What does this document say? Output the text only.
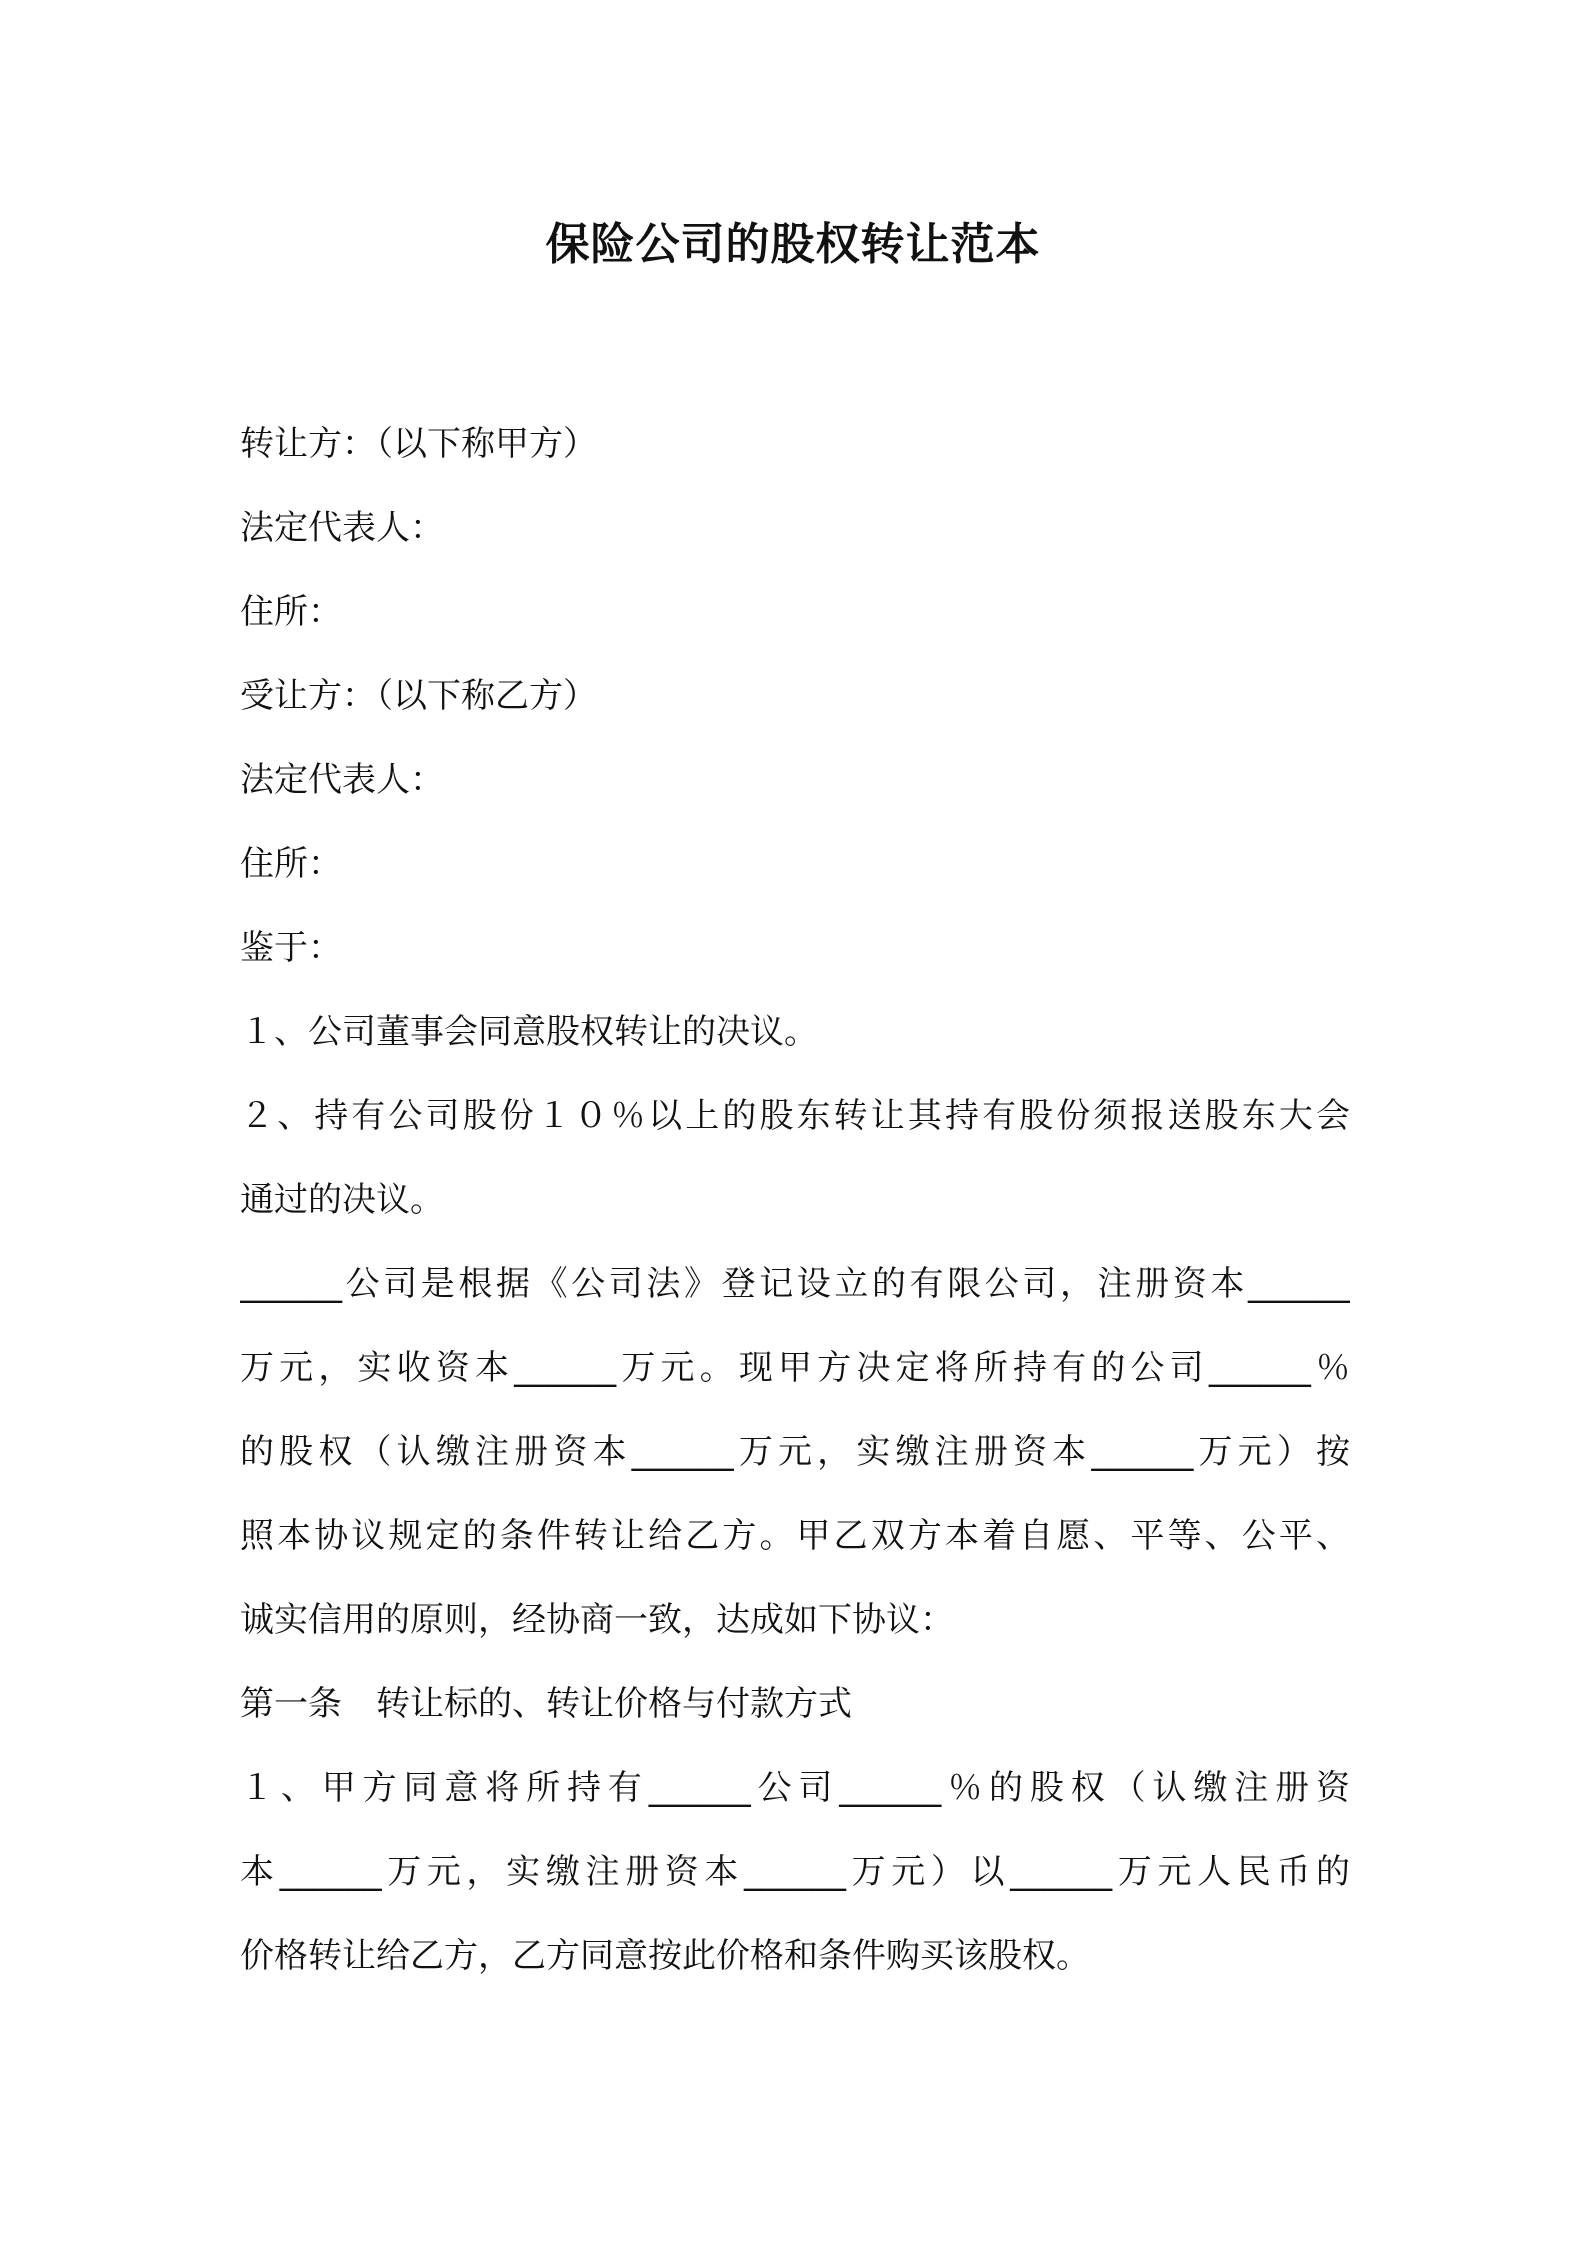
保险公司的股权转让范本
转让方：（以下称甲方）
法定代表人：
住所：
受让方：（以下称乙方）
法定代表人：
住所：
鉴于：
１、公司董事会同意股权转让的决议。
２、持有公司股份１０％以上的股东转让其持有股份须报送股东大会
通过的决议。
______公司是根据《公司法》登记设立的有限公司，注册资本______
万元，实收资本______万元。现甲方决定将所持有的公司______％
的股权（认缴注册资本______万元，实缴注册资本______万元）按
照本协议规定的条件转让给乙方。甲乙双方本着自愿、平等、公平、
诚实信用的原则，经协商一致，达成如下协议：
第一条　转让标的、转让价格与付款方式
１、甲方同意将所持有______公司______％的股权（认缴注册资
本______万元，实缴注册资本______万元）以______万元人民币的
价格转让给乙方，乙方同意按此价格和条件购买该股权。
